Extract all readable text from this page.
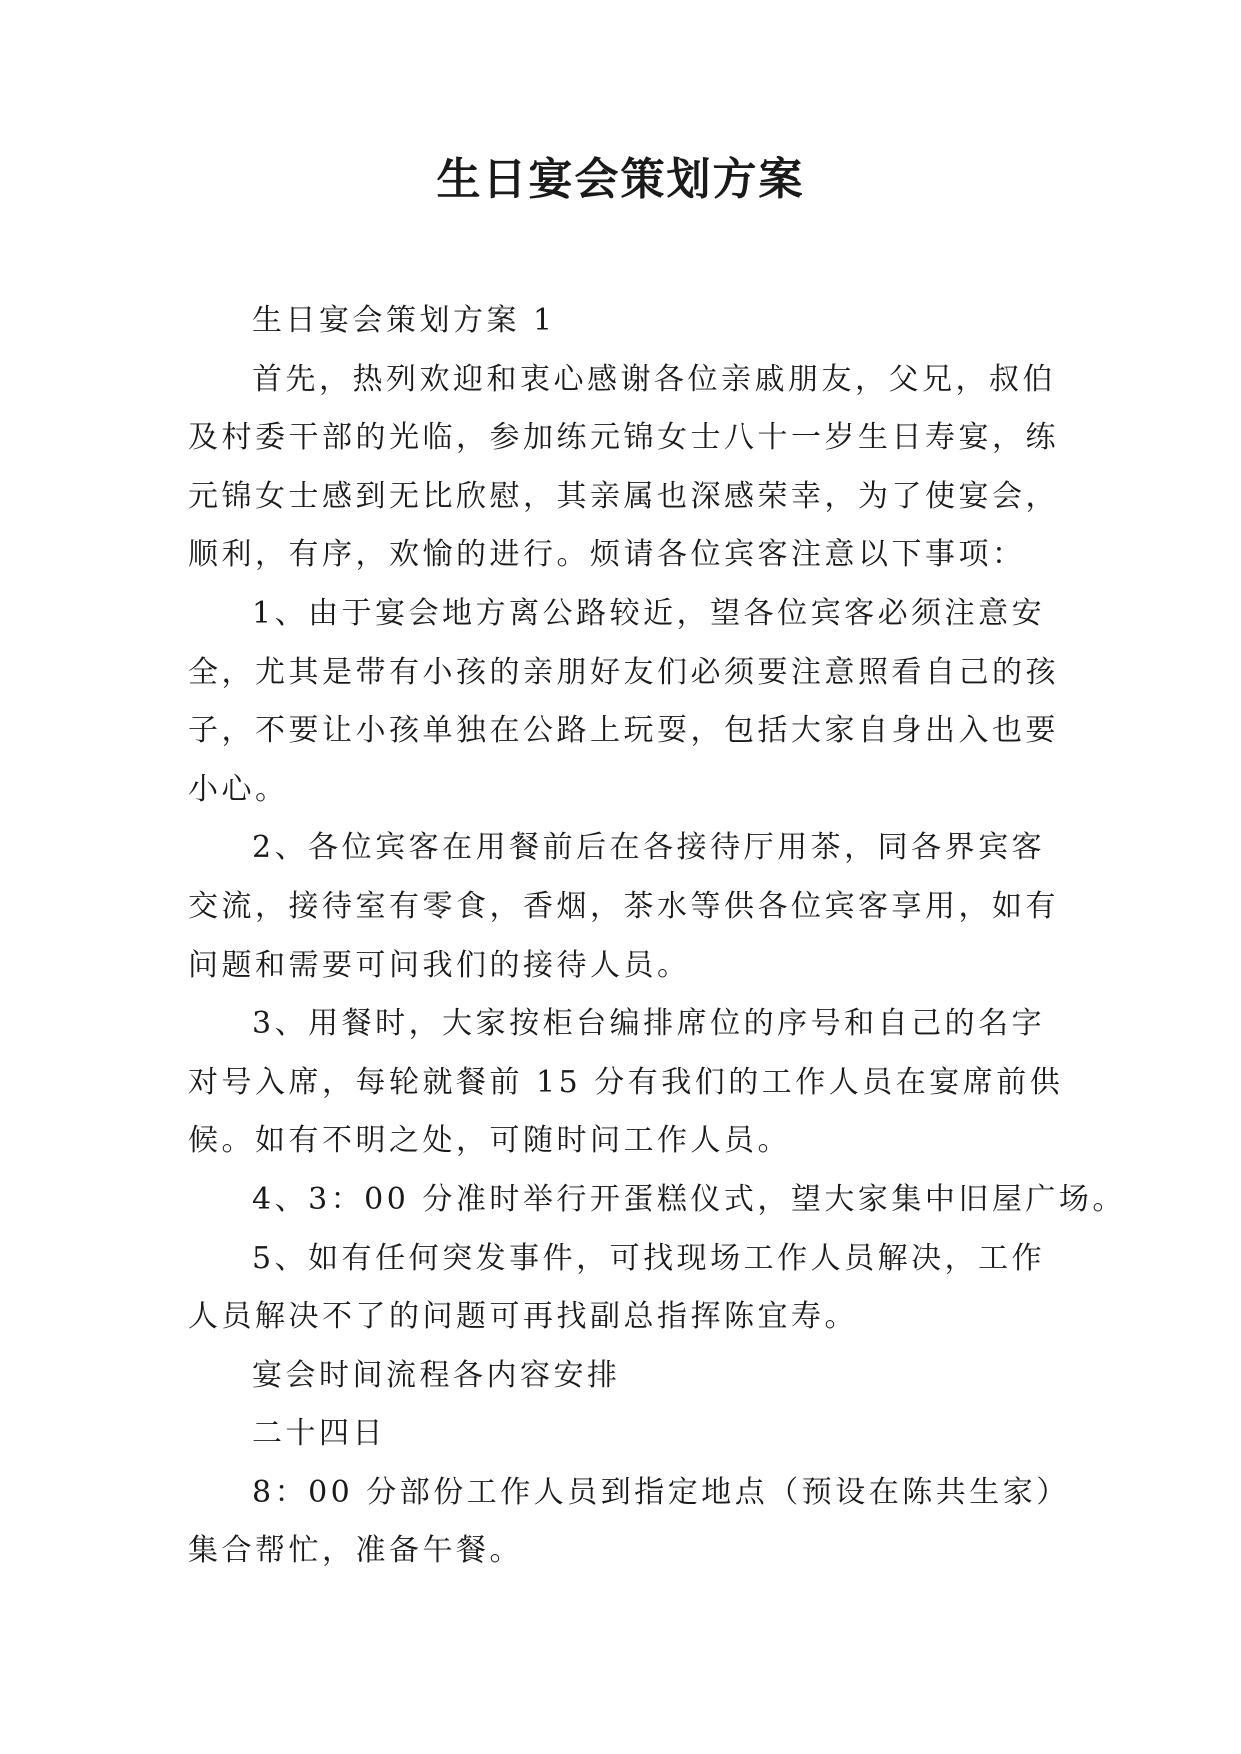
生日宴会策划方案
生日宴会策划方案 1
首先，热列欢迎和衷心感谢各位亲戚朋友，父兄，叔伯
及村委干部的光临，参加练元锦女士八十一岁生日寿宴，练
元锦女士感到无比欣慰，其亲属也深感荣幸，为了使宴会，
顺利，有序，欢愉的进行。烦请各位宾客注意以下事项：
1、由于宴会地方离公路较近，望各位宾客必须注意安
全，尤其是带有小孩的亲朋好友们必须要注意照看自己的孩
子，不要让小孩单独在公路上玩耍，包括大家自身出入也要
小心。
2、各位宾客在用餐前后在各接待厅用茶，同各界宾客
交流，接待室有零食，香烟，茶水等供各位宾客享用，如有
问题和需要可问我们的接待人员。
3、用餐时，大家按柜台编排席位的序号和自己的名字
对号入席，每轮就餐前 15 分有我们的工作人员在宴席前供
候。如有不明之处，可随时问工作人员。
4、3：00 分准时举行开蛋糕仪式，望大家集中旧屋广场。
5、如有任何突发事件，可找现场工作人员解决，工作
人员解决不了的问题可再找副总指挥陈宜寿。
宴会时间流程各内容安排
二十四日
8：00 分部份工作人员到指定地点（预设在陈共生家）
集合帮忙，准备午餐。
